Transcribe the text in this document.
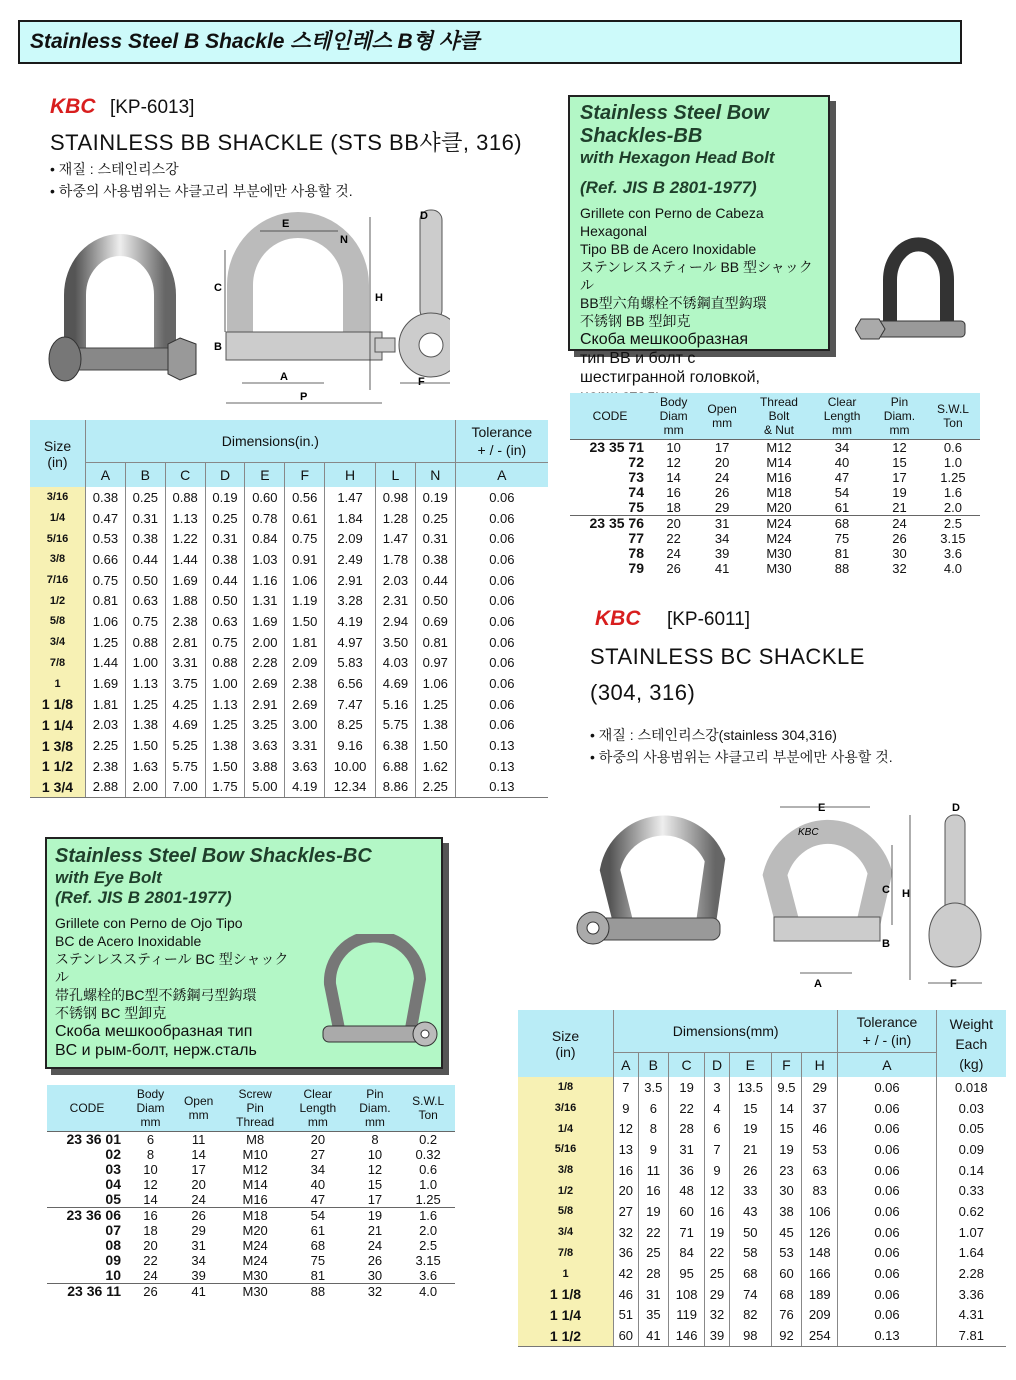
Stainless Steel B Shackle 스테인레스 B형 샤클
KBC [KP-6013]
STAINLESS BB SHACKLE (STS BB샤클, 316)
• 재질 : 스테인리스강
• 하중의 사용범위는 샤클고리 부분에만 사용할 것.
E
D
N
C
H
B
A
P
F
Stainless Steel Bow Shackles-BB
with Hexagon Head Bolt
(Ref. JIS B 2801-1977)
Grillete con Perno de Cabeza Hexagonal
Tipo BB de Acero Inoxidable
ステンレススティール BB 型シャックル
BB型六角螺栓不锈鋼直型鈎環
不锈钢 BB 型卸克
Скоба мешкообразная
тип BB и болт с
шестигранной головкой,
Size
(in)	Dimensions(in.)									Tolerance
+ / - (in)
	A	B	C	D	E	F	H	L	N	A
3/16	0.38	0.25	0.88	0.19	0.60	0.56	1.47	0.98	0.19	0.06
1/4	0.47	0.31	1.13	0.25	0.78	0.61	1.84	1.28	0.25	0.06
5/16	0.53	0.38	1.22	0.31	0.84	0.75	2.09	1.47	0.31	0.06
3/8	0.66	0.44	1.44	0.38	1.03	0.91	2.49	1.78	0.38	0.06
7/16	0.75	0.50	1.69	0.44	1.16	1.06	2.91	2.03	0.44	0.06
1/2	0.81	0.63	1.88	0.50	1.31	1.19	3.28	2.31	0.50	0.06
5/8	1.06	0.75	2.38	0.63	1.69	1.50	4.19	2.94	0.69	0.06
3/4	1.25	0.88	2.81	0.75	2.00	1.81	4.97	3.50	0.81	0.06
7/8	1.44	1.00	3.31	0.88	2.28	2.09	5.83	4.03	0.97	0.06
1	1.69	1.13	3.75	1.00	2.69	2.38	6.56	4.69	1.06	0.06
1 1/8	1.81	1.25	4.25	1.13	2.91	2.69	7.47	5.16	1.25	0.06
1 1/4	2.03	1.38	4.69	1.25	3.25	3.00	8.25	5.75	1.38	0.06
1 3/8	2.25	1.50	5.25	1.38	3.63	3.31	9.16	6.38	1.50	0.13
1 1/2	2.38	1.63	5.75	1.50	3.88	3.63	10.00	6.88	1.62	0.13
1 3/4	2.88	2.00	7.00	1.75	5.00	4.19	12.34	8.86	2.25	0.13
CODE	Body
Diam
mm	Open
mm	Thread
Bolt
& Nut	Clear
Length
mm	Pin
Diam.
mm	S.W.L
Ton
23 35 71	10	17	M12	34	12	0.6
72	12	20	M14	40	15	1.0
73	14	24	M16	47	17	1.25
74	16	26	M18	54	19	1.6
75	18	29	M20	61	21	2.0
23 35 76	20	31	M24	68	24	2.5
77	22	34	M24	75	26	3.15
78	24	39	M30	81	30	3.6
79	26	41	M30	88	32	4.0
KBC [KP-6011]
STAINLESS BC SHACKLE
(304, 316)
• 재질 : 스테인리스강(stainless 304,316)
• 하중의 사용범위는 샤클고리 부분에만 사용할 것.
KBC
E	D
C H
B
A	F
Stainless Steel Bow Shackles-BC
with Eye Bolt
(Ref. JIS B 2801-1977)
Grillete con Perno de Ojo Tipo
BC de Acero Inoxidable
ステンレススティール BC 型シャックル
帯孔螺栓的BC型不銹鋼弓型鈎環
不锈钢 BC 型卸克
Скоба мешкообразная тип
BC и рым-болт, нерж.сталь
CODE	Body
Diam
mm	Open
mm	Screw
Pin
Thread	Clear
Length
mm	Pin
Diam.
mm	S.W.L
Ton
23 36 01	6	11	M8	20	8	0.2
02	8	14	M10	27	10	0.32
03	10	17	M12	34	12	0.6
04	12	20	M14	40	15	1.0
05	14	24	M16	47	17	1.25
23 36 06	16	26	M18	54	19	1.6
07	18	29	M20	61	21	2.0
08	20	31	M24	68	24	2.5
09	22	34	M24	75	26	3.15
10	24	39	M30	81	30	3.6
23 36 11	26	41	M30	88	32	4.0
Size
(in)	Dimensions(mm)							Tolerance
+ / - (in)	Weight
Each
(kg)
	A	B	C	D	E	F	H	A	
1/8	7	3.5	19	3	13.5	9.5	29	0.06	0.018
3/16	9	6	22	4	15	14	37	0.06	0.03
1/4	12	8	28	6	19	15	46	0.06	0.05
5/16	13	9	31	7	21	19	53	0.06	0.09
3/8	16	11	36	9	26	23	63	0.06	0.14
1/2	20	16	48	12	33	30	83	0.06	0.33
5/8	27	19	60	16	43	38	106	0.06	0.62
3/4	32	22	71	19	50	45	126	0.06	1.07
7/8	36	25	84	22	58	53	148	0.06	1.64
1	42	28	95	25	68	60	166	0.06	2.28
1 1/8	46	31	108	29	74	68	189	0.06	3.36
1 1/4	51	35	119	32	82	76	209	0.06	4.31
1 1/2	60	41	146	39	98	92	254	0.13	7.81
